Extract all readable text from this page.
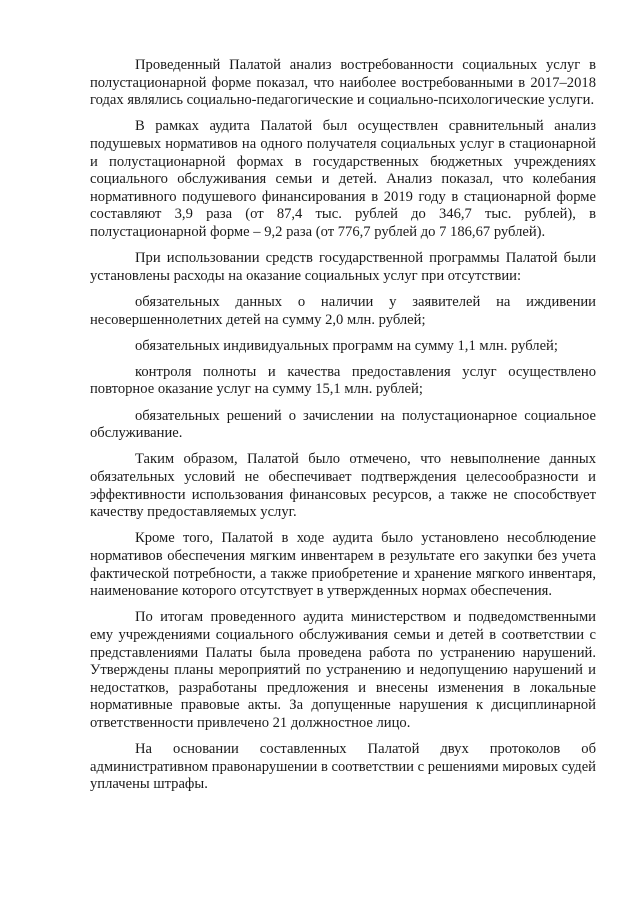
Проведенный Палатой анализ востребованности социальных услуг в полустационарной форме показал, что наиболее востребованными в 2017–2018 годах являлись социально-педагогические и социально-психологические услуги.

В рамках аудита Палатой был осуществлен сравнительный анализ подушевых нормативов на одного получателя социальных услуг в стационарной и полустационарной формах в государственных бюджетных учреждениях социального обслуживания семьи и детей. Анализ показал, что колебания нормативного подушевого финансирования в 2019 году в стационарной форме составляют 3,9 раза (от 87,4 тыс. рублей до 346,7 тыс. рублей), в полустационарной форме – 9,2 раза (от 776,7 рублей до 7 186,67 рублей).

При использовании средств государственной программы Палатой были установлены расходы на оказание социальных услуг при отсутствии:

обязательных данных о наличии у заявителей на иждивении несовершеннолетних детей на сумму 2,0 млн. рублей;

обязательных индивидуальных программ на сумму 1,1 млн. рублей;

контроля полноты и качества предоставления услуг осуществлено повторное оказание услуг на сумму 15,1 млн. рублей;

обязательных решений о зачислении на полустационарное социальное обслуживание.

Таким образом, Палатой было отмечено, что невыполнение данных обязательных условий не обеспечивает подтверждения целесообразности и эффективности использования финансовых ресурсов, а также не способствует качеству предоставляемых услуг.

Кроме того, Палатой в ходе аудита было установлено несоблюдение нормативов обеспечения мягким инвентарем в результате его закупки без учета фактической потребности, а также приобретение и хранение мягкого инвентаря, наименование которого отсутствует в утвержденных нормах обеспечения.

По итогам проведенного аудита министерством и подведомственными ему учреждениями социального обслуживания семьи и детей в соответствии с представлениями Палаты была проведена работа по устранению нарушений. Утверждены планы мероприятий по устранению и недопущению нарушений и недостатков, разработаны предложения и внесены изменения в локальные нормативные правовые акты. За допущенные нарушения к дисциплинарной ответственности привлечено 21 должностное лицо.

На основании составленных Палатой двух протоколов об административном правонарушении в соответствии с решениями мировых судей уплачены штрафы.
